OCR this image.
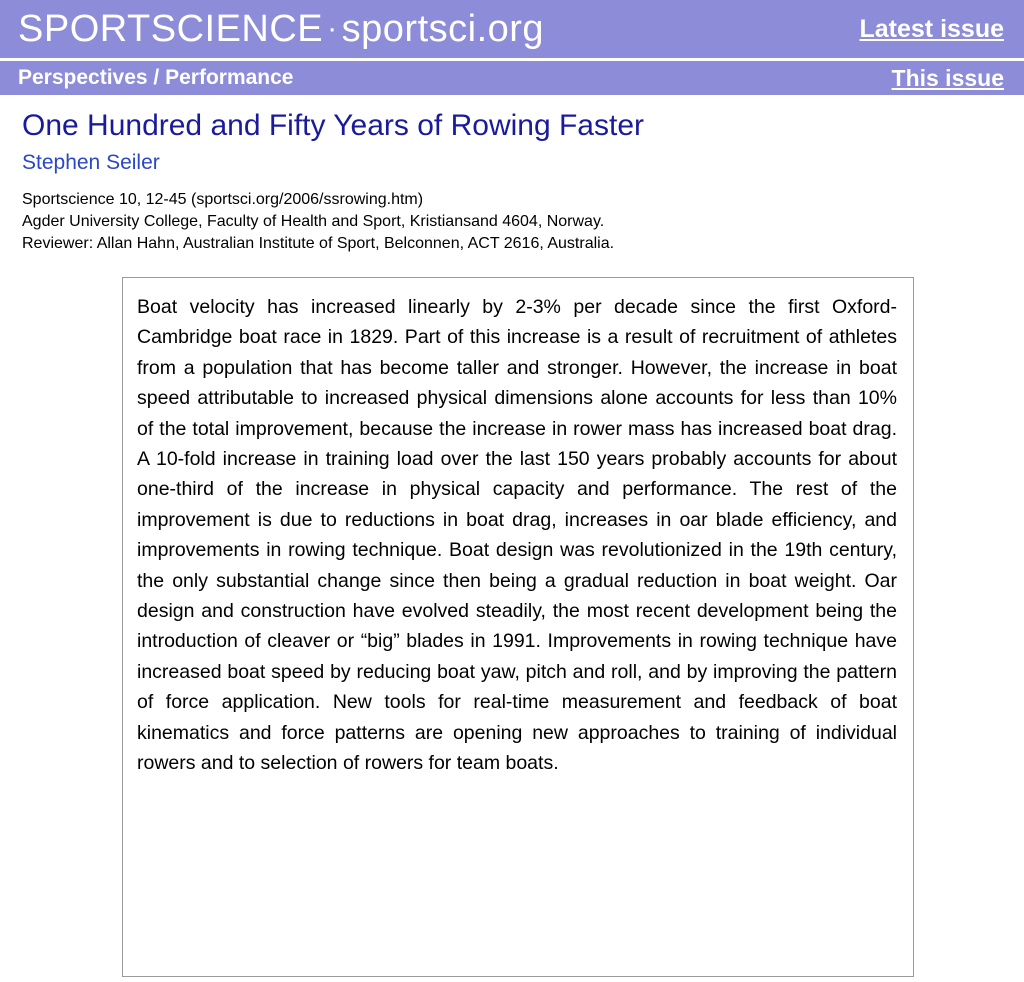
SPORTSCIENCE · sportsci.org	Latest issue
Perspectives / Performance	This issue
One Hundred and Fifty Years of Rowing Faster
Stephen Seiler
Sportscience 10, 12-45 (sportsci.org/2006/ssrowing.htm)
Agder University College, Faculty of Health and Sport, Kristiansand 4604, Norway.
Reviewer: Allan Hahn, Australian Institute of Sport, Belconnen, ACT 2616, Australia.

Boat velocity has increased linearly by 2-3% per decade since the first Oxford-Cambridge boat race in 1829. Part of this increase is a result of recruitment of athletes from a population that has become taller and stronger. However, the increase in boat speed attributable to increased physical dimensions alone accounts for less than 10% of the total improvement, because the increase in rower mass has increased boat drag. A 10-fold increase in training load over the last 150 years probably accounts for about one-third of the increase in physical capacity and performance. The rest of the improvement is due to reductions in boat drag, increases in oar blade efficiency, and improvements in rowing technique. Boat design was revolutionized in the 19th century, the only substantial change since then being a gradual reduction in boat weight. Oar design and construction have evolved steadily, the most recent development being the introduction of cleaver or “big” blades in 1991. Improvements in rowing technique have increased boat speed by reducing boat yaw, pitch and roll, and by improving the pattern of force application. New tools for real-time measurement and feedback of boat kinematics and force patterns are opening new approaches to training of individual rowers and to selection of rowers for team boats.
